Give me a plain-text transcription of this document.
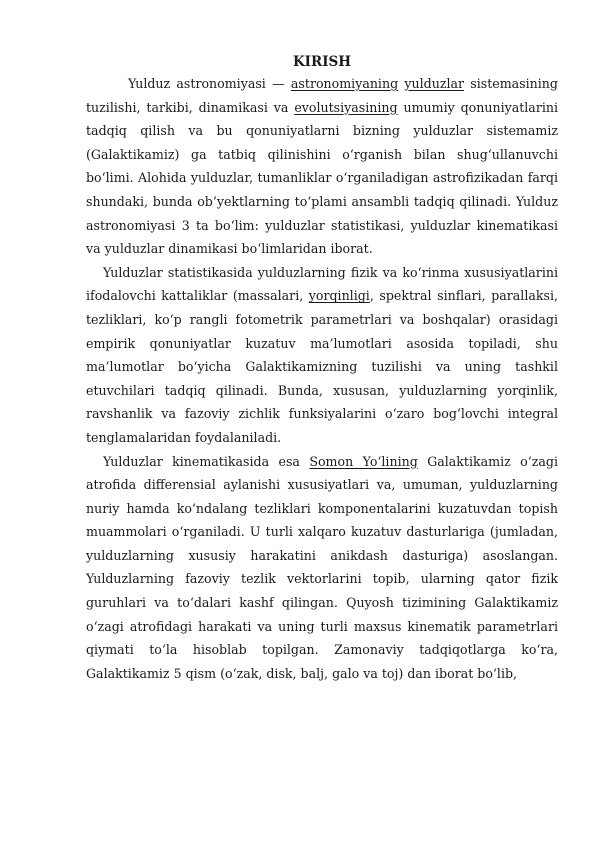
KIRISH

Yulduz astronomiyasi — astronomiyaning yulduzlar sistemasining tuzilishi, tarkibi, dinamikasi va evolutsiyasining umumiy qonuniyatlarini tadqiq qilish va bu qonuniyatlarni bizning yulduzlar sistemamiz (Galaktikamiz) ga tatbiq qilinishini o‘rganish bilan shug‘ullanuvchi bo‘limi. Alohida yulduzlar, tumanliklar o‘rganiladigan astrofizikadan farqi shundaki, bunda ob’yektlarning to‘plami ansambli tadqiq qilinadi. Yulduz astronomiyasi 3 ta bo‘lim: yulduzlar statistikasi, yulduzlar kinematikasi va yulduzlar dinamikasi bo‘limlaridan iborat.

Yulduzlar statistikasida yulduzlarning fizik va ko‘rinma xususiyatlarini ifodalovchi kattaliklar (massalari, yorqinligi, spektral sinflari, parallaksi, tezliklari, ko‘p rangli fotometrik parametrlari va boshqalar) orasidagi empirik qonuniyatlar kuzatuv ma’lumotlari asosida topiladi, shu ma’lumotlar bo‘yicha Galaktikamizning tuzilishi va uning tashkil etuvchilari tadqiq qilinadi. Bunda, xususan, yulduzlarning yorqinlik, ravshanlik va fazoviy zichlik funksiyalarini o‘zaro bog‘lovchi integral tenglamalaridan foydalaniladi.

Yulduzlar kinematikasida esa Somon Yo‘lining Galaktikamiz o‘zagi atrofida differensial aylanishi xususiyatlari va, umuman, yulduzlarning nuriy hamda ko‘ndalang tezliklari komponentalarini kuzatuvdan topish muammolari o‘rganiladi. U turli xalqaro kuzatuv dasturlariga (jumladan, yulduzlarning xususiy harakatini anikdash dasturiga) asoslangan. Yulduzlarning fazoviy tezlik vektorlarini topib, ularning qator fizik guruhlari va to‘dalari kashf qilingan. Quyosh tizimining Galaktikamiz o‘zagi atrofidagi harakati va uning turli maxsus kinematik parametrlari qiymati to‘la hisoblab topilgan. Zamonaviy tadqiqotlarga ko‘ra, Galaktikamiz 5 qism (o‘zak, disk, balj, galo va toj) dan iborat bo‘lib,
